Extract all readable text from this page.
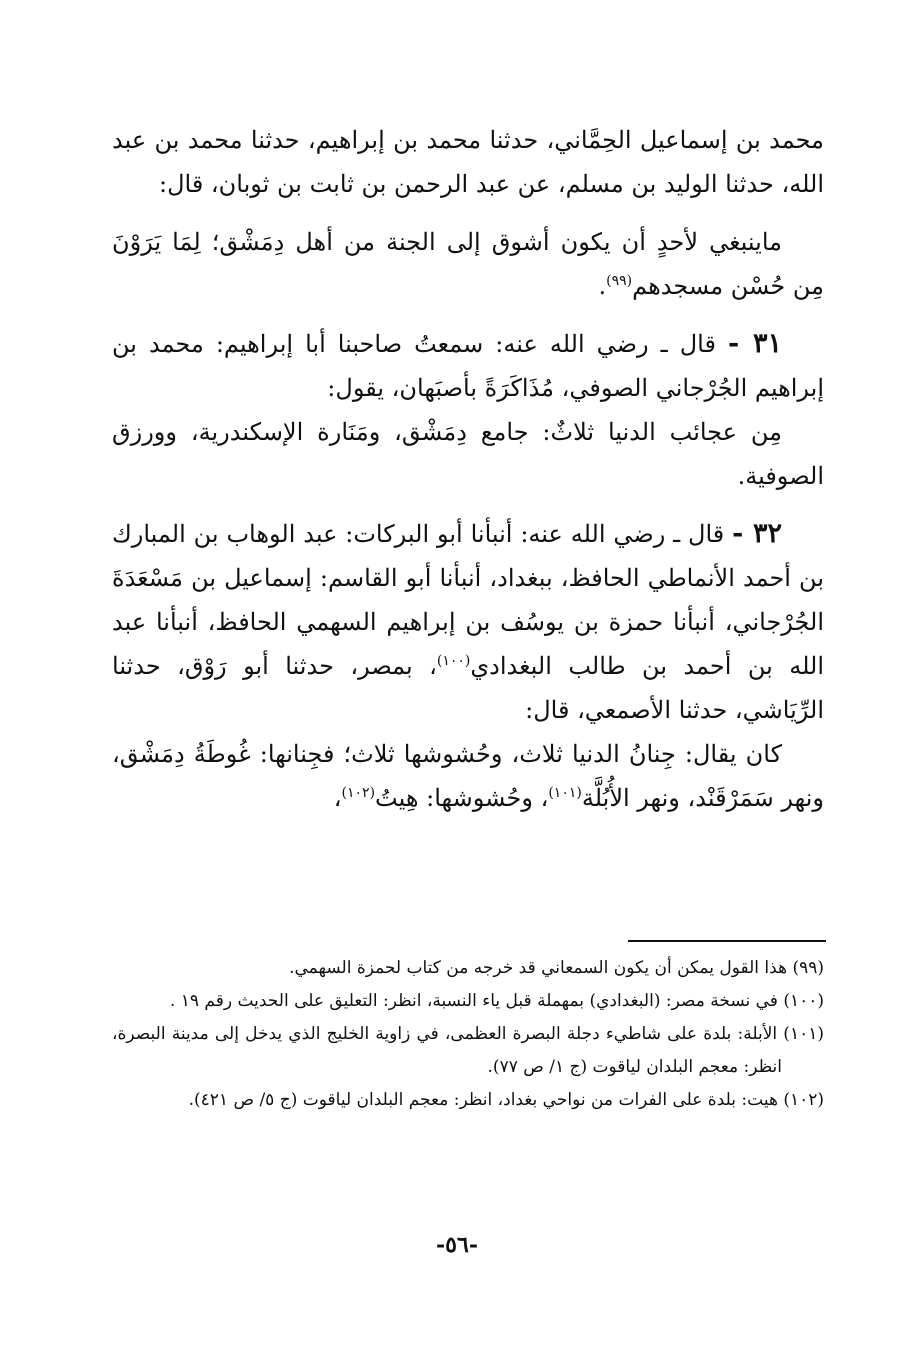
محمد بن إسماعيل الحِمَّاني، حدثنا محمد بن إبراهيم، حدثنا محمد بن عبد الله، حدثنا الوليد بن مسلم، عن عبد الرحمن بن ثابت بن ثوبان، قال:

ماينبغي لأحدٍ أن يكون أشوق إلى الجنة من أهل دِمَشْق؛ لِمَا يَرَوْنَ مِن حُسْن مسجدهم$^{(٩٩)}$.

٣١ - قال ـ رضي الله عنه: سمعتُ صاحبنا أبا إبراهيم: محمد بن إبراهيم الجُرْجاني الصوفي، مُذَاكَرَةً بأصبَهان، يقول:

مِن عجائب الدنيا ثلاثٌ: جامع دِمَشْق، ومَنَارة الإسكندرية، وورزق الصوفية.

٣٢ - قال ـ رضي الله عنه: أنبأنا أبو البركات: عبد الوهاب بن المبارك بن أحمد الأنماطي الحافظ، ببغداد، أنبأنا أبو القاسم: إسماعيل بن مَسْعَدَةَ الجُرْجاني، أنبأنا حمزة بن يوسُف بن إبراهيم السهمي الحافظ، أنبأنا عبد الله بن أحمد بن طالب البغدادي$^{(١٠٠)}$، بمصر، حدثنا أبو رَوْق، حدثنا الرِّيَاشي، حدثنا الأصمعي، قال:

كان يقال: جِنانُ الدنيا ثلاث، وحُشوشها ثلاث؛ فجِنانها: غُوطَةُ دِمَشْق، ونهر سَمَرْقَنْد، ونهر الأُبُلَّة$^{(١٠١)}$، وحُشوشها: هِيتُ$^{(١٠٢)}$،

(٩٩) هذا القول يمكن أن يكون السمعاني قد خرجه من كتاب لحمزة السهمي.

(١٠٠) في نسخة مصر: (البغدادي) بمهملة قبل ياء النسبة، انظر: التعليق على الحديث رقم ١٩ .

(١٠١) الأبلة: بلدة على شاطيء دجلة البصرة العظمى، في زاوية الخليج الذي يدخل إلى مدينة البصرة، انظر: معجم البلدان لياقوت (ج ١/ ص ٧٧).

(١٠٢) هيت: بلدة على الفرات من نواحي بغداد، انظر: معجم البلدان لياقوت (ج ٥/ ص ٤٢١).

-٥٦-
